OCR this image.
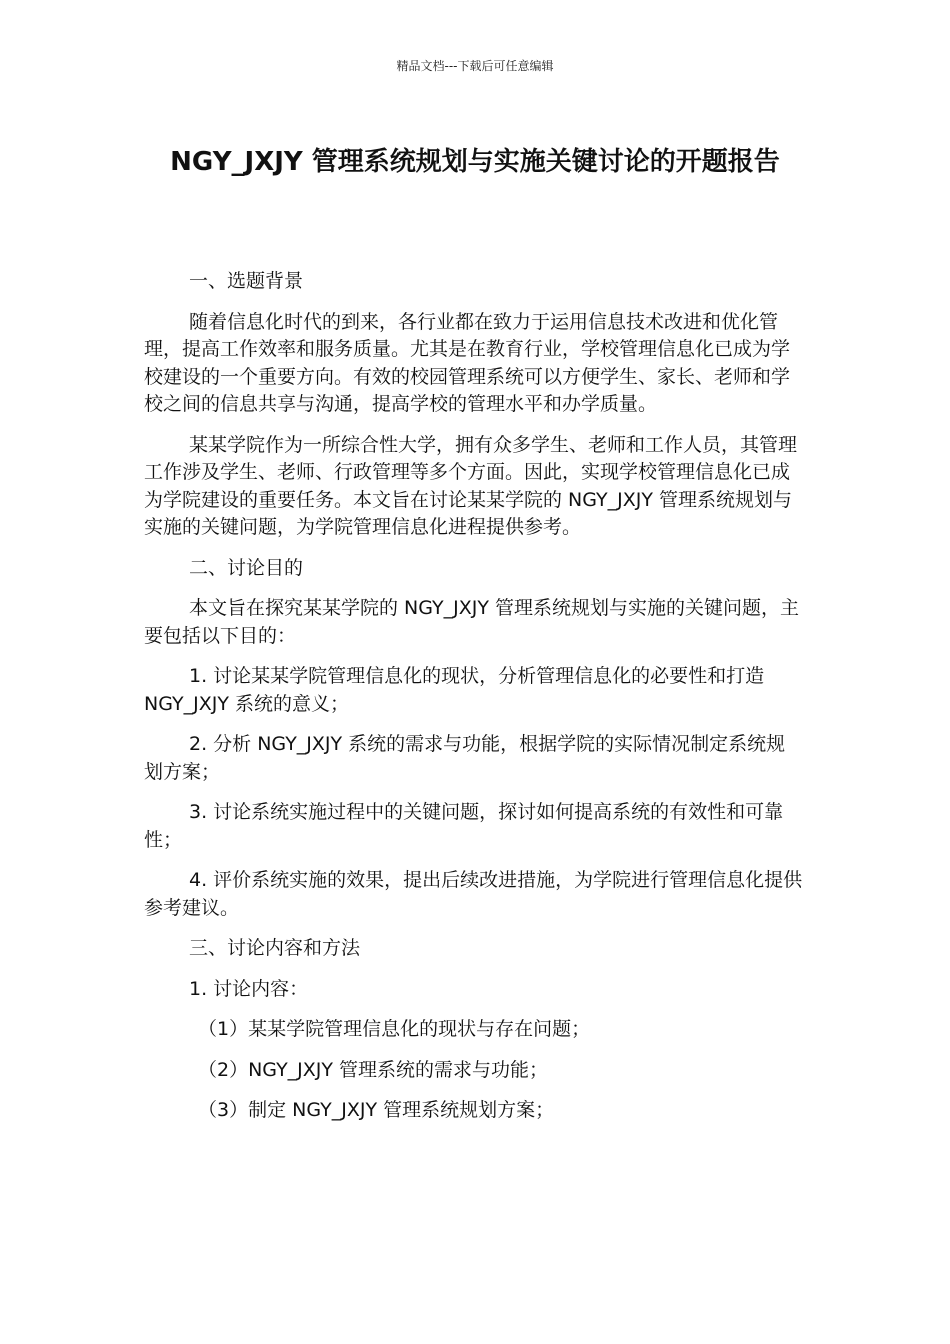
精品文档---下载后可任意编辑
NGY_JXJY 管理系统规划与实施关键讨论的开题报告

一、选题背景

随着信息化时代的到来，各行业都在致力于运用信息技术改进和优化管理，提高工作效率和服务质量。尤其是在教育行业，学校管理信息化已成为学校建设的一个重要方向。有效的校园管理系统可以方便学生、家长、老师和学校之间的信息共享与沟通，提高学校的管理水平和办学质量。

某某学院作为一所综合性大学，拥有众多学生、老师和工作人员，其管理工作涉及学生、老师、行政管理等多个方面。因此，实现学校管理信息化已成为学院建设的重要任务。本文旨在讨论某某学院的 NGY_JXJY 管理系统规划与实施的关键问题，为学院管理信息化进程提供参考。

二、讨论目的

本文旨在探究某某学院的 NGY_JXJY 管理系统规划与实施的关键问题，主要包括以下目的：

1. 讨论某某学院管理信息化的现状，分析管理信息化的必要性和打造 NGY_JXJY 系统的意义；

2. 分析 NGY_JXJY 系统的需求与功能，根据学院的实际情况制定系统规划方案；

3. 讨论系统实施过程中的关键问题，探讨如何提高系统的有效性和可靠性；

4. 评价系统实施的效果，提出后续改进措施，为学院进行管理信息化提供参考建议。

三、讨论内容和方法

1. 讨论内容：

（1）某某学院管理信息化的现状与存在问题；

（2）NGY_JXJY 管理系统的需求与功能；

（3）制定 NGY_JXJY 管理系统规划方案；
